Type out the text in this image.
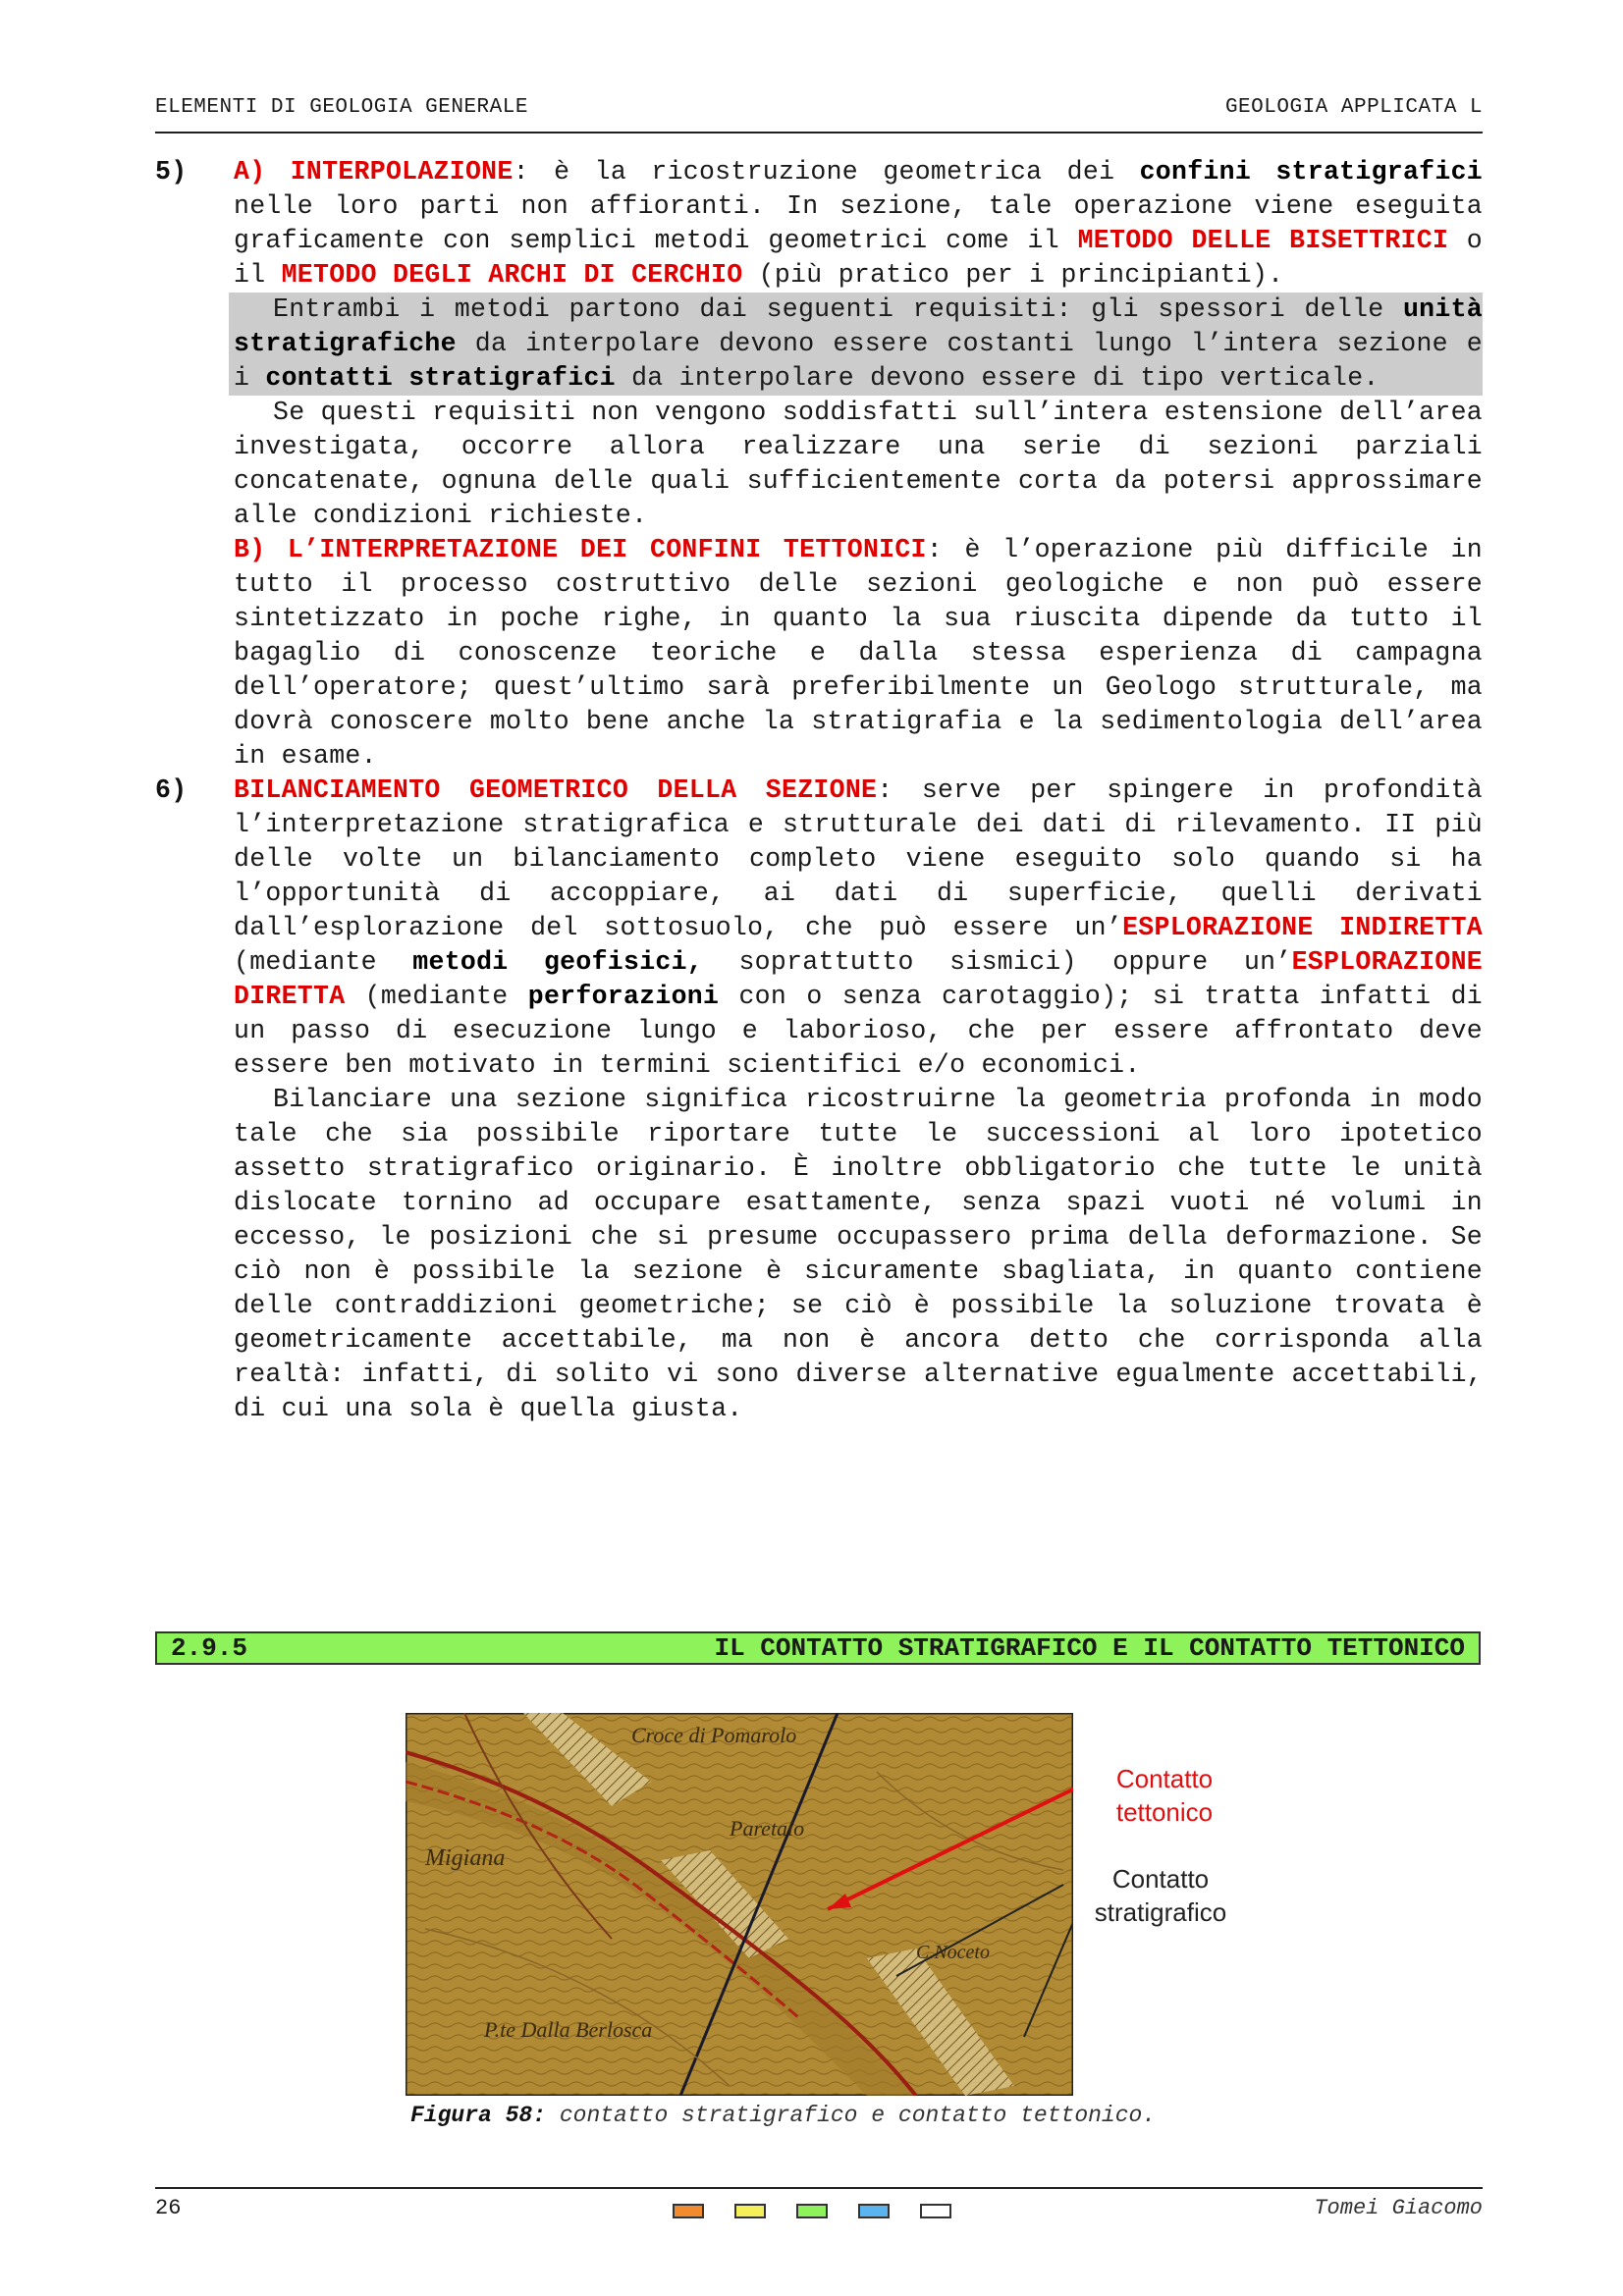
ELEMENTI DI GEOLOGIA GENERALE	GEOLOGIA APPLICATA L
5) A) INTERPOLAZIONE: è la ricostruzione geometrica dei confini stratigrafici nelle loro parti non affioranti. In sezione, tale operazione viene eseguita graficamente con semplici metodi geometrici come il METODO DELLE BISETTRICI o il METODO DEGLI ARCHI DI CERCHIO (più pratico per i principianti).

Entrambi i metodi partono dai seguenti requisiti: gli spessori delle unità stratigrafiche da interpolare devono essere costanti lungo l’intera sezione e i contatti stratigrafici da interpolare devono essere di tipo verticale.

Se questi requisiti non vengono soddisfatti sull’intera estensione dell’area investigata, occorre allora realizzare una serie di sezioni parziali concatenate, ognuna delle quali sufficientemente corta da potersi approssimare alle condizioni richieste.

B) L’INTERPRETAZIONE DEI CONFINI TETTONICI: è l’operazione più difficile in tutto il processo costruttivo delle sezioni geologiche e non può essere sintetizzato in poche righe, in quanto la sua riuscita dipende da tutto il bagaglio di conoscenze teoriche e dalla stessa esperienza di campagna dell’operatore; quest’ultimo sarà preferibilmente un Geologo strutturale, ma dovrà conoscere molto bene anche la stratigrafia e la sedimentologia dell’area in esame.

6) BILANCIAMENTO GEOMETRICO DELLA SEZIONE: serve per spingere in profondità l’interpretazione stratigrafica e strutturale dei dati di rilevamento. II più delle volte un bilanciamento completo viene eseguito solo quando si ha l’opportunità di accoppiare, ai dati di superficie, quelli derivati dall’esplorazione del sottosuolo, che può essere un’ESPLORAZIONE INDIRETTA (mediante metodi geofisici, soprattutto sismici) oppure un’ESPLORAZIONE DIRETTA (mediante perforazioni con o senza carotaggio); si tratta infatti di un passo di esecuzione lungo e laborioso, che per essere affrontato deve essere ben motivato in termini scientifici e/o economici.

Bilanciare una sezione significa ricostruirne la geometria profonda in modo tale che sia possibile riportare tutte le successioni al loro ipotetico assetto stratigrafico originario. È inoltre obbligatorio che tutte le unità dislocate tornino ad occupare esattamente, senza spazi vuoti né volumi in eccesso, le posizioni che si presume occupassero prima della deformazione. Se ciò non è possibile la sezione è sicuramente sbagliata, in quanto contiene delle contraddizioni geometriche; se ciò è possibile la soluzione trovata è geometricamente accettabile, ma non è ancora detto che corrisponda alla realtà: infatti, di solito vi sono diverse alternative egualmente accettabili, di cui una sola è quella giusta.

2.9.5	IL CONTATTO STRATIGRAFICO E IL CONTATTO TETTONICO
Croce di Pomarolo
Paretaio
Migiana
P.te Dalla Berlosca
C.Noceto
Contatto tettonico
Contatto stratigrafico
Figura 58: contatto stratigrafico e contatto tettonico.
26	Tomei Giacomo
